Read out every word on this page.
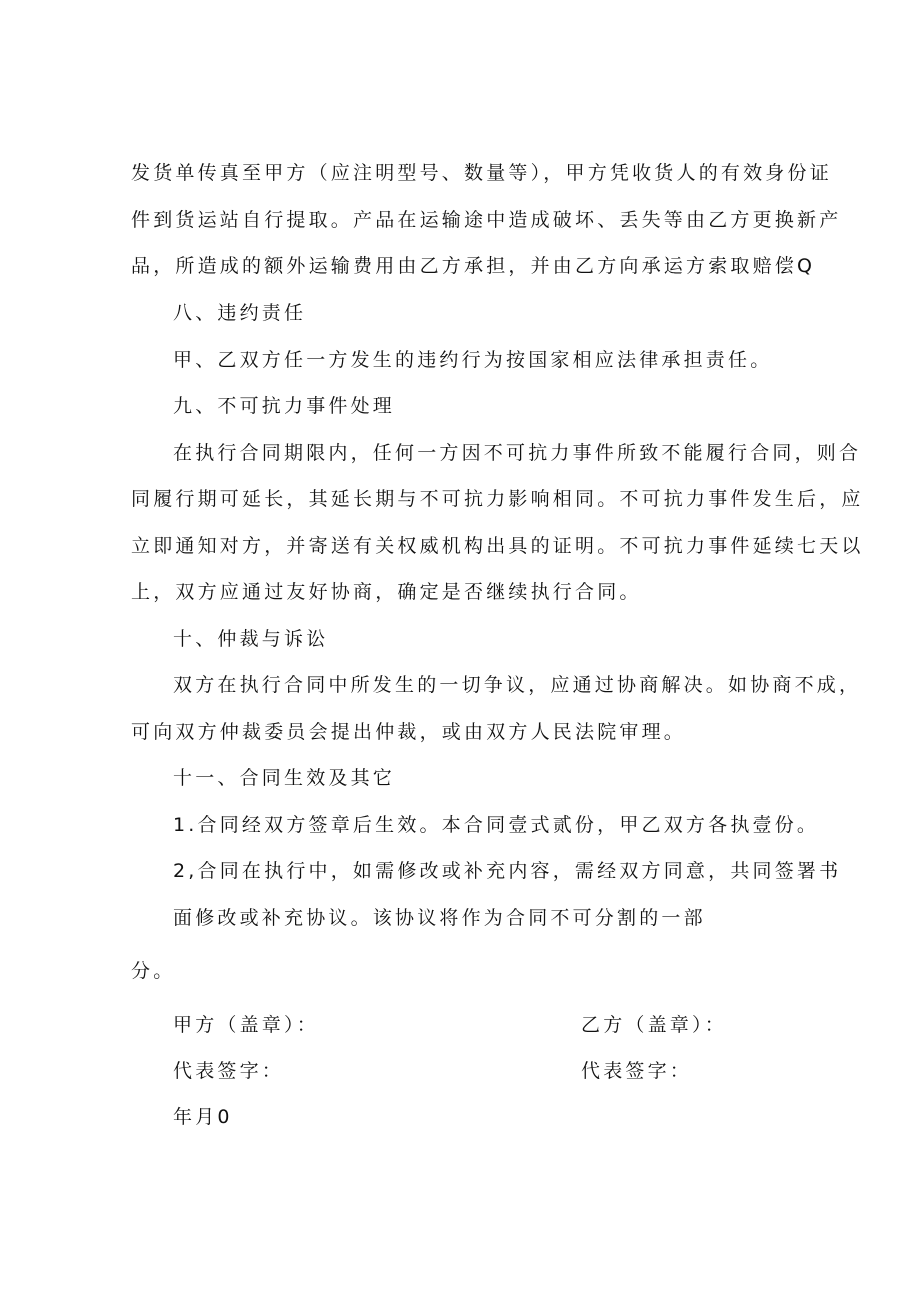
发货单传真至甲方（应注明型号、数量等），甲方凭收货人的有效身份证
件到货运站自行提取。产品在运输途中造成破坏、丢失等由乙方更换新产
品，所造成的额外运输费用由乙方承担，并由乙方向承运方索取赔偿Q
八、违约责任
甲、乙双方任一方发生的违约行为按国家相应法律承担责任。
九、不可抗力事件处理
在执行合同期限内，任何一方因不可抗力事件所致不能履行合同，则合
同履行期可延长，其延长期与不可抗力影响相同。不可抗力事件发生后，应
立即通知对方，并寄送有关权威机构出具的证明。不可抗力事件延续七天以
上，双方应通过友好协商，确定是否继续执行合同。
十、仲裁与诉讼
双方在执行合同中所发生的一切争议，应通过协商解决。如协商不成，
可向双方仲裁委员会提出仲裁，或由双方人民法院审理。
十一、合同生效及其它
1.合同经双方签章后生效。本合同壹式贰份，甲乙双方各执壹份。
2,合同在执行中，如需修改或补充内容，需经双方同意，共同签署书
面修改或补充协议。该协议将作为合同不可分割的一部
分。
甲方（盖章）：	乙方（盖章）：
代表签字：	代表签字：
年月0
